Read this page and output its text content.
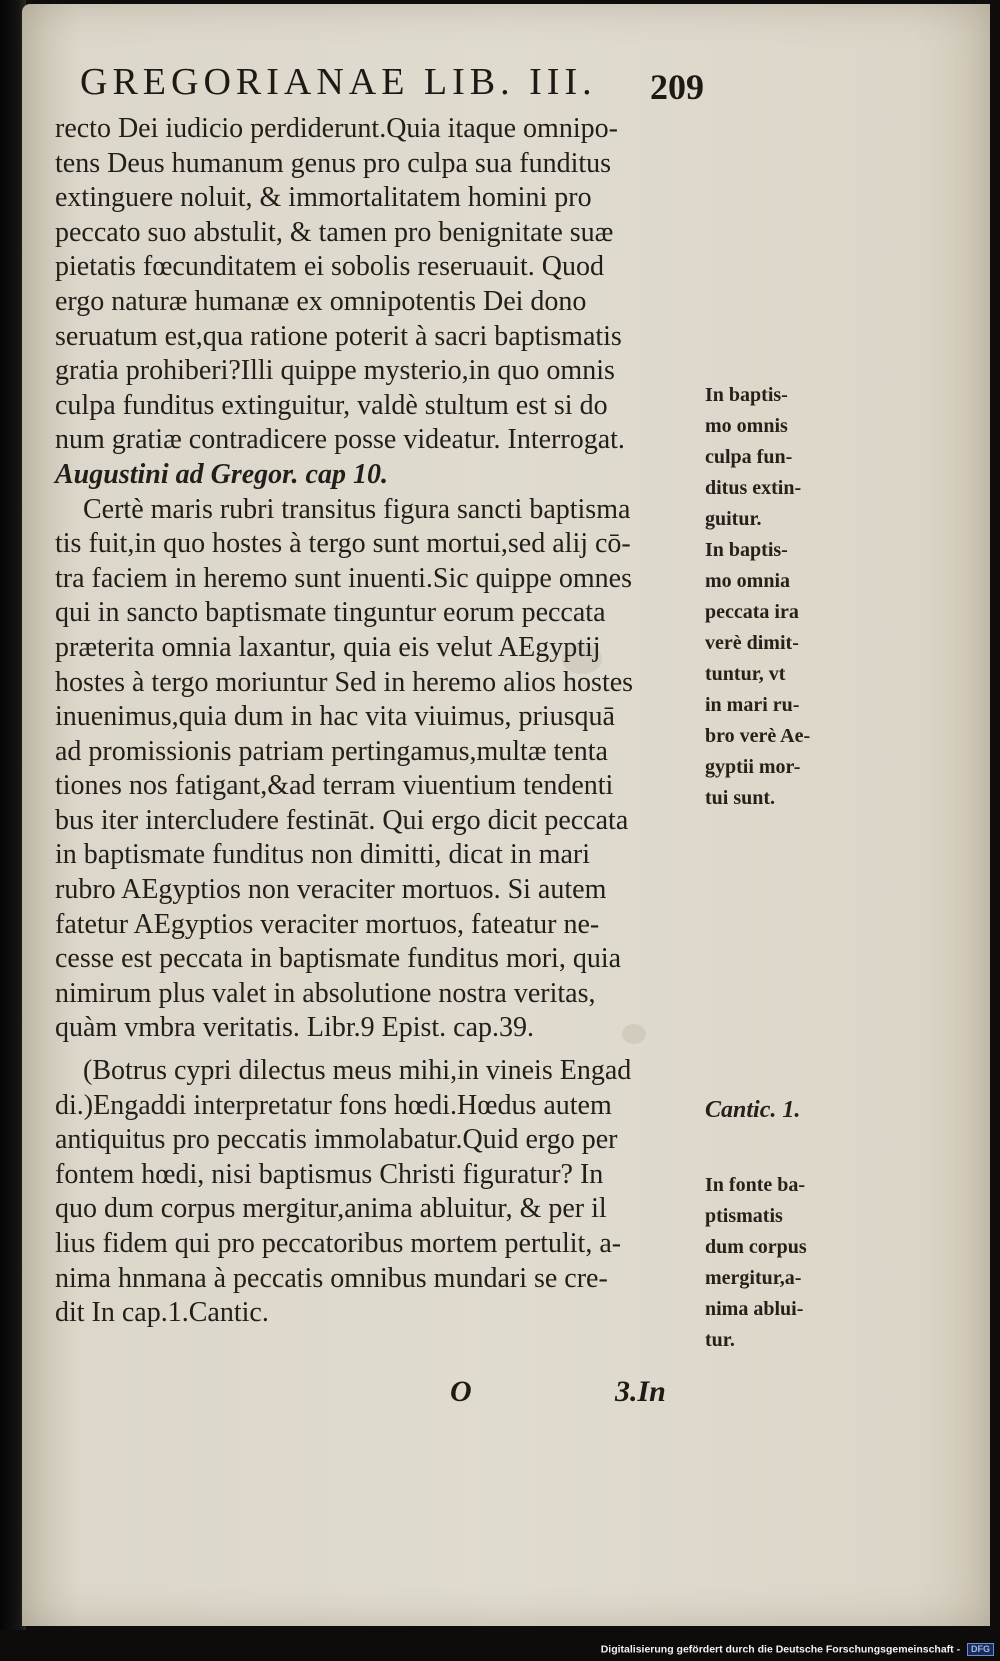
GREGORIANAE LIB. III.	209
recto Dei iudicio perdiderunt.Quia itaque omnipo-
tens Deus humanum genus pro culpa sua funditus
extinguere noluit, & immortalitatem homini pro
peccato suo abstulit, & tamen pro benignitate suæ
pietatis fœcunditatem ei sobolis reseruauit. Quod
ergo naturæ humanæ ex omnipotentis Dei dono
seruatum est,qua ratione poterit à sacri baptismatis
gratia prohiberi?Illi quippe mysterio,in quo omnis
culpa funditus extinguitur, valdè stultum est si do
num gratiæ contradicere posse videatur. Interrogat.
Augustini ad Gregor. cap 10.
Certè maris rubri transitus figura sancti baptisma
tis fuit,in quo hostes à tergo sunt mortui,sed alij cō-
tra faciem in heremo sunt inuenti.Sic quippe omnes
qui in sancto baptismate tinguntur eorum peccata
præterita omnia laxantur, quia eis velut AEgyptij
hostes à tergo moriuntur Sed in heremo alios hostes
inuenimus,quia dum in hac vita viuimus, priusquā
ad promissionis patriam pertingamus,multæ tenta
tiones nos fatigant,&ad terram viuentium tendenti
bus iter intercludere festināt. Qui ergo dicit peccata
in baptismate funditus non dimitti, dicat in mari
rubro AEgyptios non veraciter mortuos. Si autem
fatetur AEgyptios veraciter mortuos, fateatur ne-
cesse est peccata in baptismate funditus mori, quia
nimirum plus valet in absolutione nostra veritas,
quàm vmbra veritatis. Libr.9 Epist. cap.39.
(Botrus cypri dilectus meus mihi,in vineis Engad
di.)Engaddi interpretatur fons hœdi.Hœdus autem
antiquitus pro peccatis immolabatur.Quid ergo per
fontem hœdi, nisi baptismus Christi figuratur? In
quo dum corpus mergitur,anima abluitur, & per il
lius fidem qui pro peccatoribus mortem pertulit, a-
nima hnmana à peccatis omnibus mundari se cre-
dit In cap.1.Cantic.
In baptis-
mo omnis
culpa fun-
ditus extin-
guitur.
In baptis-
mo omnia
peccata ira
verè dimit-
tuntur, vt
in mari ru-
bro verè Ae-
gyptii mor-
tui sunt.
Cantic. 1.
In fonte ba-
ptismatis
dum corpus
mergitur,a-
nima ablui-
tur.
O	3.In
Digitalisierung gefördert durch die Deutsche Forschungsgemeinschaft - DFG
